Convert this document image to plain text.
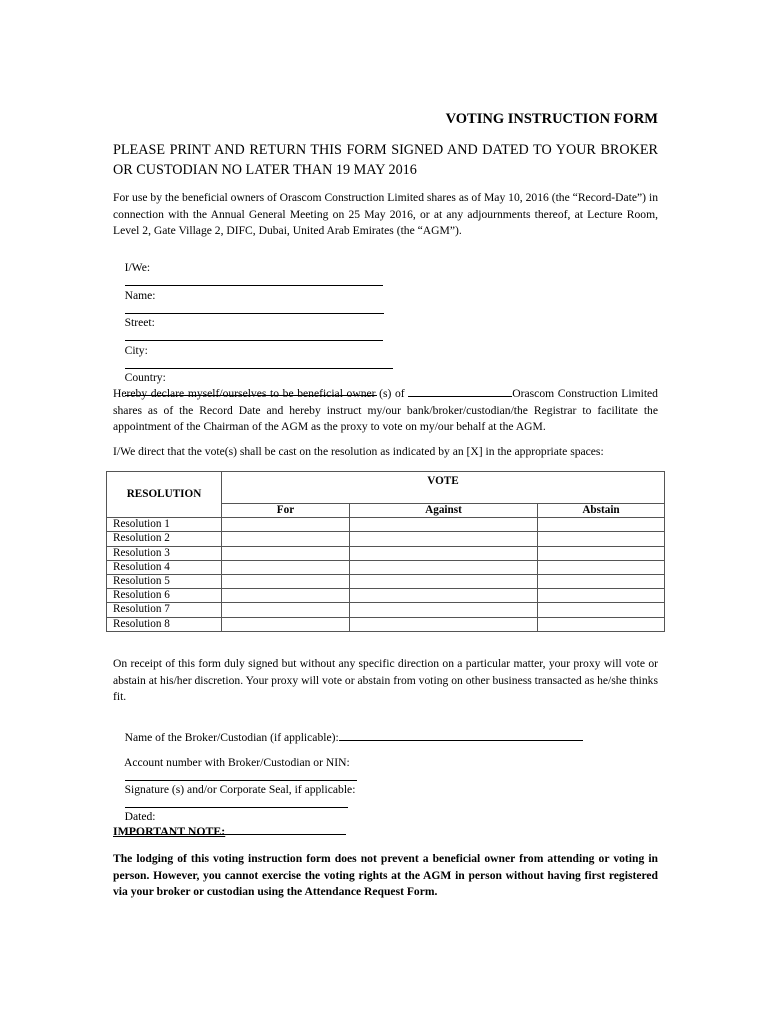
VOTING INSTRUCTION FORM
PLEASE PRINT AND RETURN THIS FORM SIGNED AND DATED TO YOUR BROKER OR CUSTODIAN NO LATER THAN 19 MAY 2016
For use by the beneficial owners of Orascom Construction Limited shares as of May 10, 2016 (the “Record-Date”) in connection with the Annual General Meeting on 25 May 2016, or at any adjournments thereof, at Lecture Room, Level 2, Gate Village 2, DIFC, Dubai, United Arab Emirates (the “AGM”).

I/We:

Name:

Street:

City:

Country:

Hereby declare myself/ourselves to be beneficial owner (s) of	Orascom Construction Limited shares as of the Record Date and hereby instruct my/our bank/broker/custodian/the Registrar to facilitate the appointment of the Chairman of the AGM as the proxy to vote on my/our behalf at the AGM.
I/We direct that the vote(s) shall be cast on the resolution as indicated by an [X] in the appropriate spaces:
RESOLUTION	VOTE		
	For	Against	Abstain
Resolution 1			
Resolution 2			
Resolution 3			
Resolution 4			
Resolution 5			
Resolution 6			
Resolution 7			
Resolution 8			
On receipt of this form duly signed but without any specific direction on a particular matter, your proxy will vote or abstain at his/her discretion. Your proxy will vote or abstain from voting on other business transacted as he/she thinks fit.

Name of the Broker/Custodian (if applicable):

Account number with Broker/Custodian or NIN:

Signature (s) and/or Corporate Seal, if applicable:

Dated:

IMPORTANT NOTE:
The lodging of this voting instruction form does not prevent a beneficial owner from attending or voting in person. However, you cannot exercise the voting rights at the AGM in person without having first registered via your broker or custodian using the Attendance Request Form.
